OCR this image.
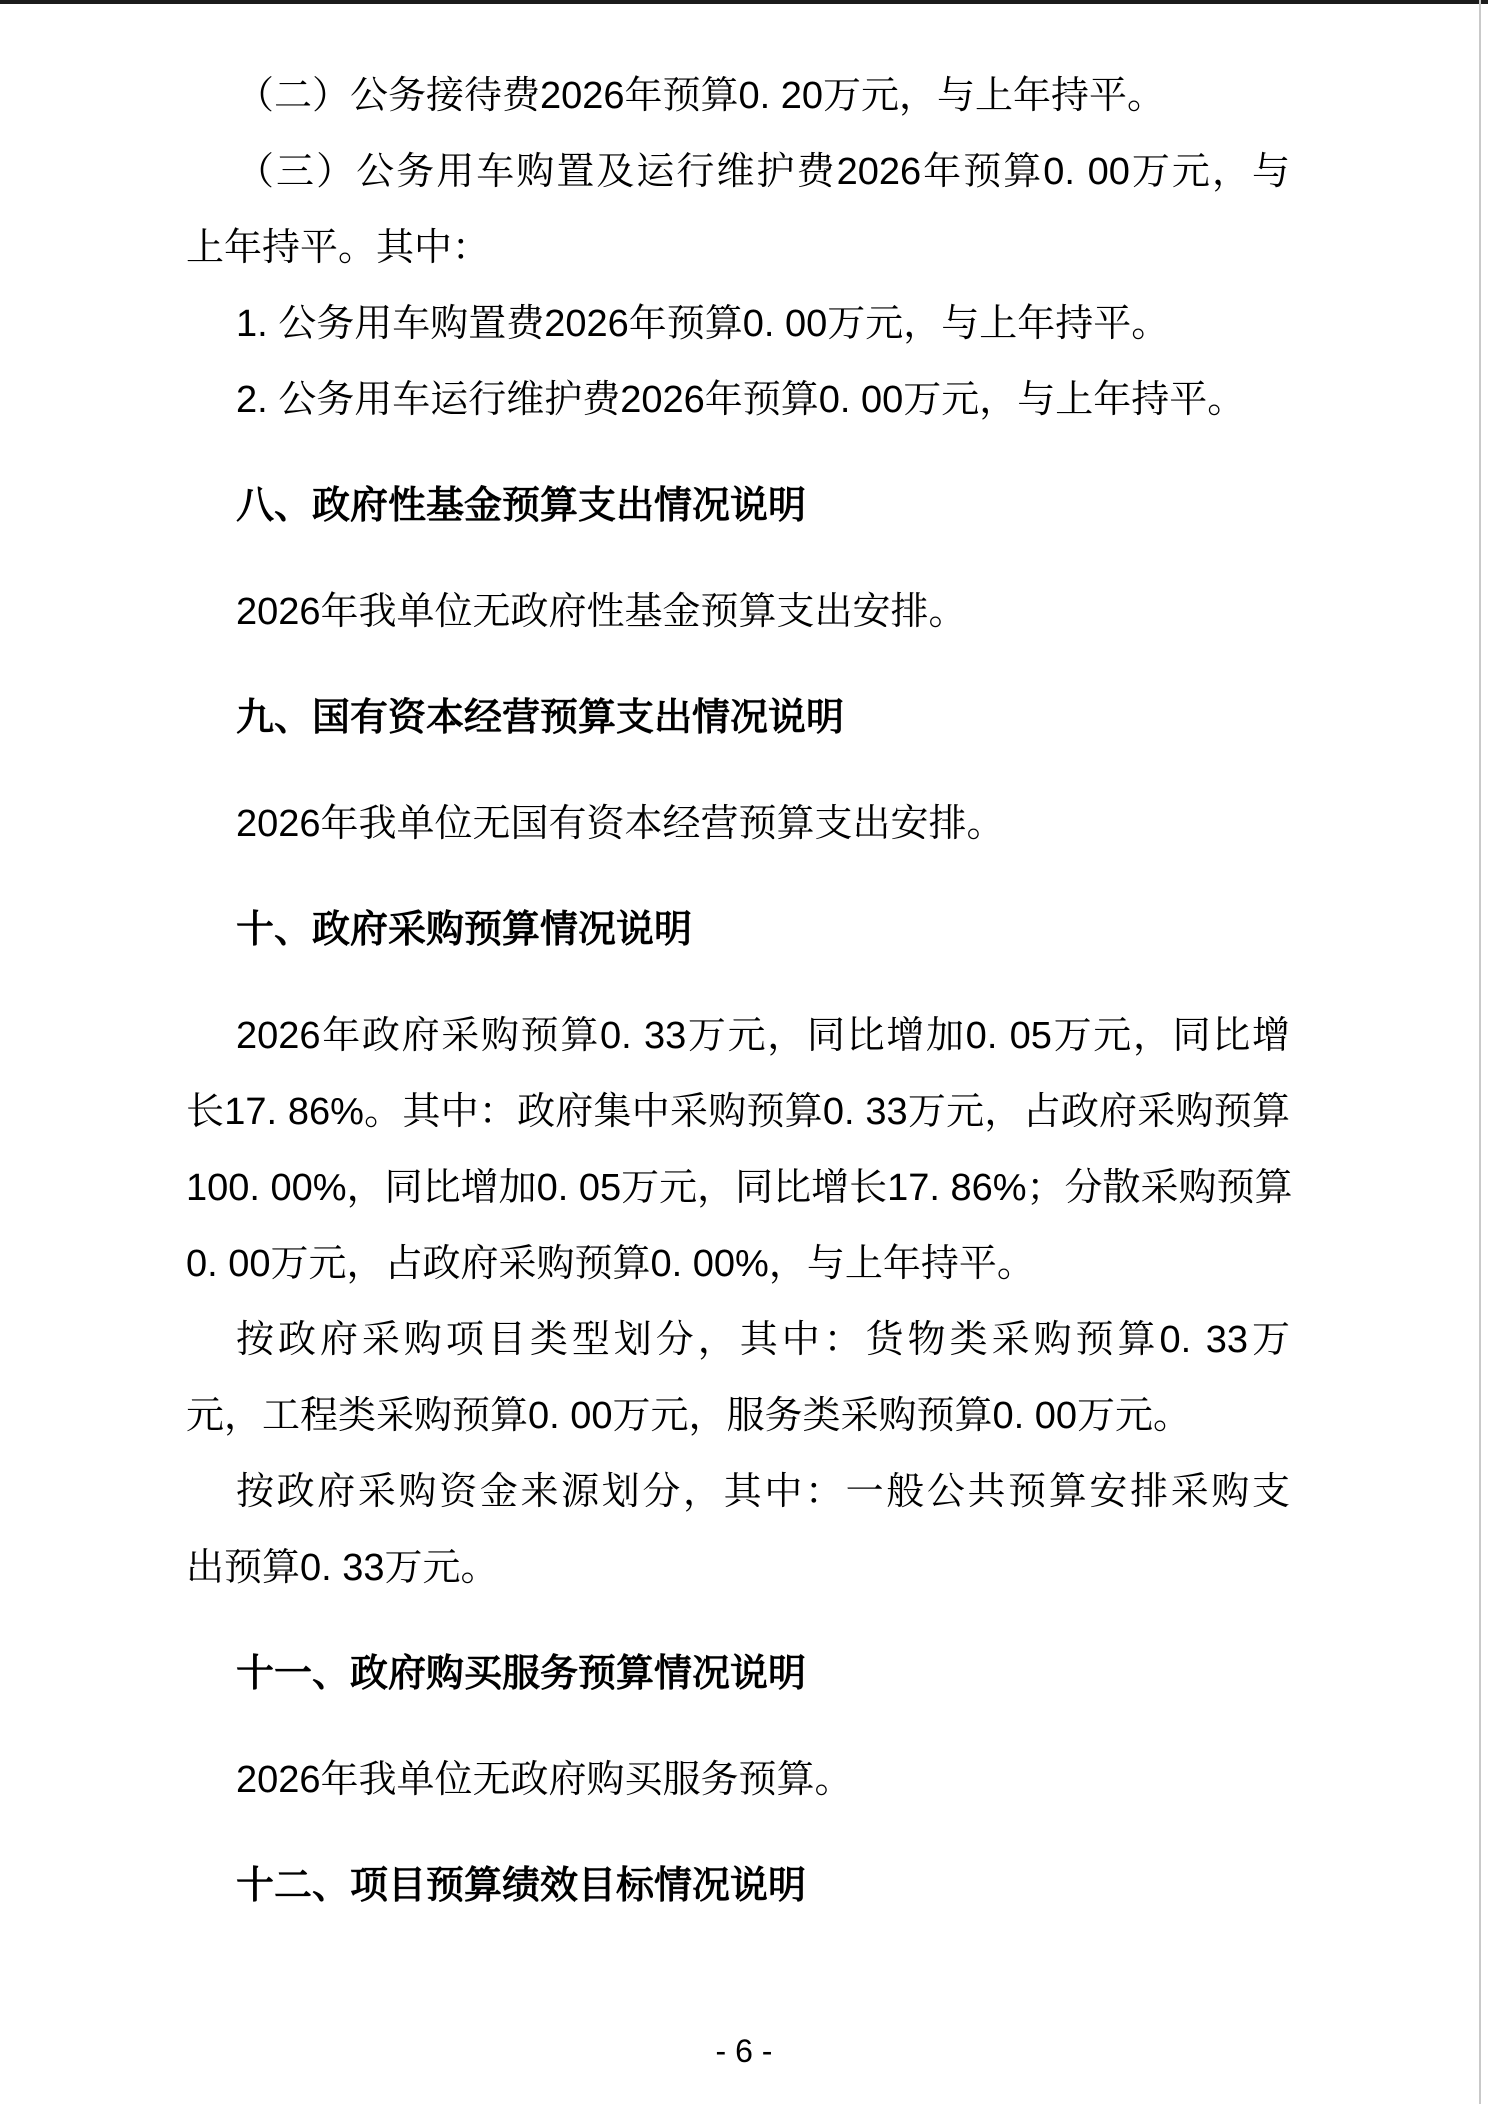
（二）公务接待费2026年预算0. 20万元，与上年持平。
（三）公务用车购置及运行维护费2026年预算0. 00万元，与
上年持平。其中：
1. 公务用车购置费2026年预算0. 00万元，与上年持平。
2. 公务用车运行维护费2026年预算0. 00万元，与上年持平。
八、政府性基金预算支出情况说明
2026年我单位无政府性基金预算支出安排。
九、国有资本经营预算支出情况说明
2026年我单位无国有资本经营预算支出安排。
十、政府采购预算情况说明
2026年政府采购预算0. 33万元，同比增加0. 05万元，同比增
长17. 86%。其中：政府集中采购预算0. 33万元，占政府采购预算
100. 00%，同比增加0. 05万元，同比增长17. 86%；分散采购预算
0. 00万元，占政府采购预算0. 00%，与上年持平。
按政府采购项目类型划分，其中：货物类采购预算0. 33万
元，工程类采购预算0. 00万元，服务类采购预算0. 00万元。
按政府采购资金来源划分，其中：一般公共预算安排采购支
出预算0. 33万元。
十一、政府购买服务预算情况说明
2026年我单位无政府购买服务预算。
十二、项目预算绩效目标情况说明
- 6 -
